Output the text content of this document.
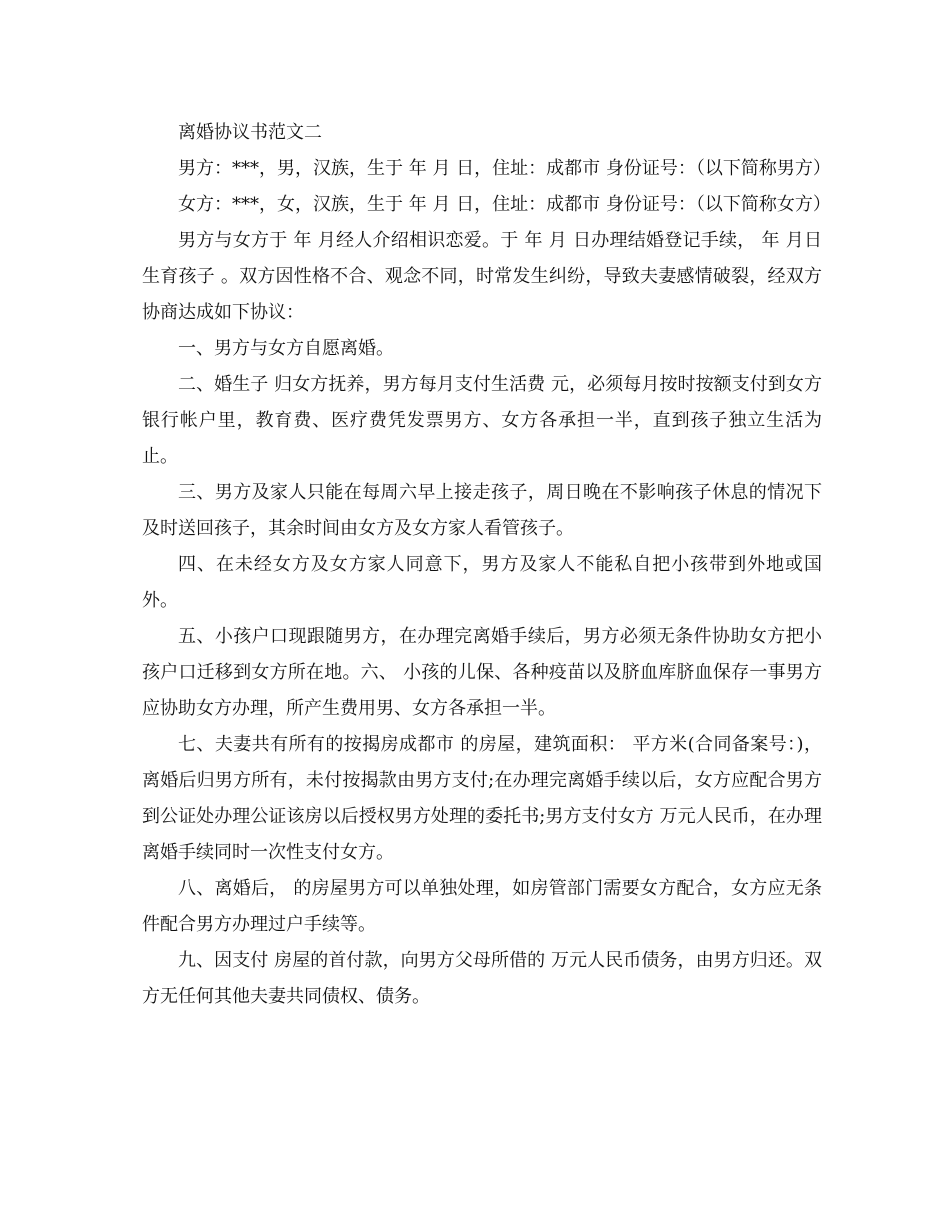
离婚协议书范文二

男方：***，男，汉族，生于 年 月 日，住址：成都市 身份证号：（以下简称男方）

女方：***，女，汉族，生于 年 月 日，住址：成都市 身份证号：（以下简称女方）

男方与女方于 年 月经人介绍相识恋爱。于 年 月 日办理结婚登记手续， 年 月日生育孩子 。双方因性格不合、观念不同，时常发生纠纷，导致夫妻感情破裂，经双方协商达成如下协议：

一、男方与女方自愿离婚。

二、婚生子 归女方抚养，男方每月支付生活费 元，必须每月按时按额支付到女方银行帐户里，教育费、医疗费凭发票男方、女方各承担一半，直到孩子独立生活为止。

三、男方及家人只能在每周六早上接走孩子，周日晚在不影响孩子休息的情况下及时送回孩子，其余时间由女方及女方家人看管孩子。

四、在未经女方及女方家人同意下，男方及家人不能私自把小孩带到外地或国外。

五、小孩户口现跟随男方，在办理完离婚手续后，男方必须无条件协助女方把小孩户口迁移到女方所在地。六、 小孩的儿保、各种疫苗以及脐血库脐血保存一事男方应协助女方办理，所产生费用男、女方各承担一半。

七、夫妻共有所有的按揭房成都市 的房屋，建筑面积： 平方米(合同备案号：)，离婚后归男方所有，未付按揭款由男方支付;在办理完离婚手续以后，女方应配合男方到公证处办理公证该房以后授权男方处理的委托书;男方支付女方 万元人民币，在办理离婚手续同时一次性支付女方。

八、离婚后， 的房屋男方可以单独处理，如房管部门需要女方配合，女方应无条件配合男方办理过户手续等。

九、因支付 房屋的首付款，向男方父母所借的 万元人民币债务，由男方归还。双方无任何其他夫妻共同债权、债务。
